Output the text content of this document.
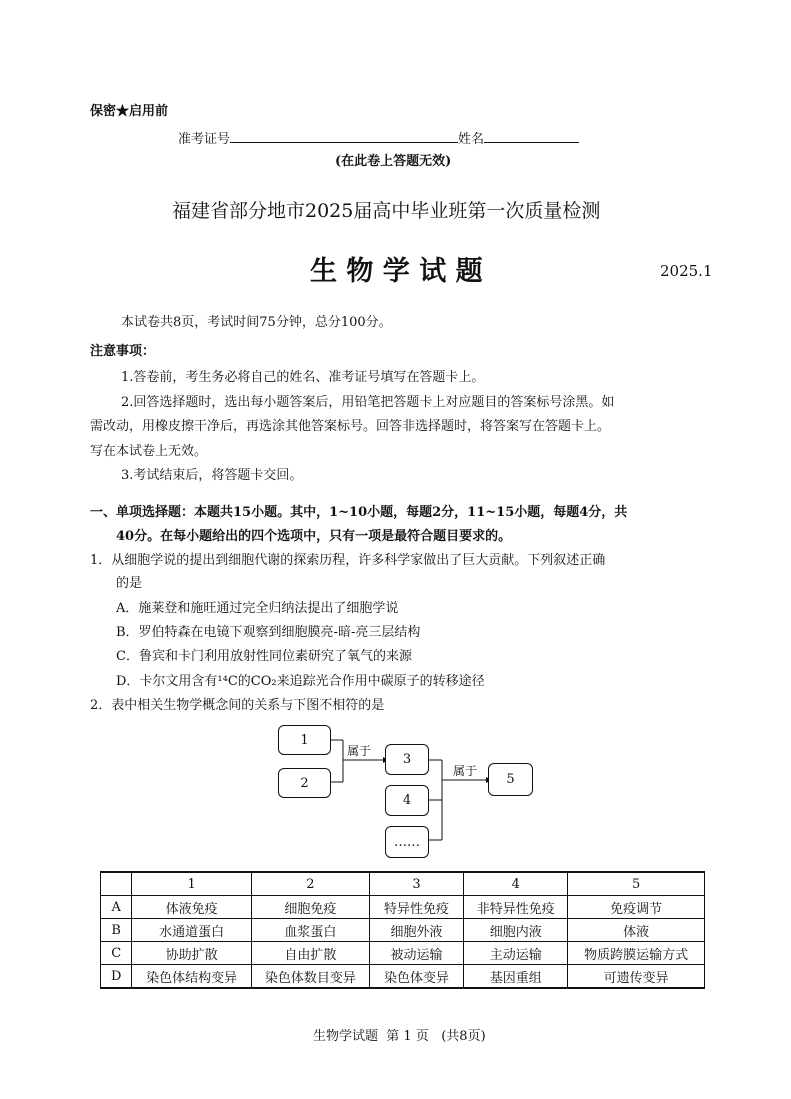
保密★启用前
准考证号	姓名
(在此卷上答题无效)
福建省部分地市2025届高中毕业班第一次质量检测
生 物 学 试 题	2025.1
本试卷共8页，考试时间75分钟，总分100分。
注意事项：
1.答卷前，考生务必将自己的姓名、准考证号填写在答题卡上。
2.回答选择题时，选出每小题答案后，用铅笔把答题卡上对应题目的答案标号涂黑。如
需改动，用橡皮擦干净后，再选涂其他答案标号。回答非选择题时，将答案写在答题卡上。
写在本试卷上无效。
3.考试结束后，将答题卡交回。
一、单项选择题：本题共15小题。其中，1~10小题，每题2分，11~15小题，每题4分，共
40分。在每小题给出的四个选项中，只有一项是最符合题目要求的。
1．从细胞学说的提出到细胞代谢的探索历程，许多科学家做出了巨大贡献。下列叙述正确
的是
A．施莱登和施旺通过完全归纳法提出了细胞学说
B．罗伯特森在电镜下观察到细胞膜亮-暗-亮三层结构
C．鲁宾和卡门利用放射性同位素研究了氧气的来源
D．卡尔文用含有¹⁴C的CO₂来追踪光合作用中碳原子的转移途径
2．表中相关生物学概念间的关系与下图不相符的是
1
2
3
4
……
5
属于
属于
	1	2	3	4	5
A	体液免疫	细胞免疫	特异性免疫	非特异性免疫	免疫调节
B	水通道蛋白	血浆蛋白	细胞外液	细胞内液	体液
C	协助扩散	自由扩散	被动运输	主动运输	物质跨膜运输方式
D	染色体结构变异	染色体数目变异	染色体变异	基因重组	可遗传变异
生物学试题 第 1 页 (共8页)
